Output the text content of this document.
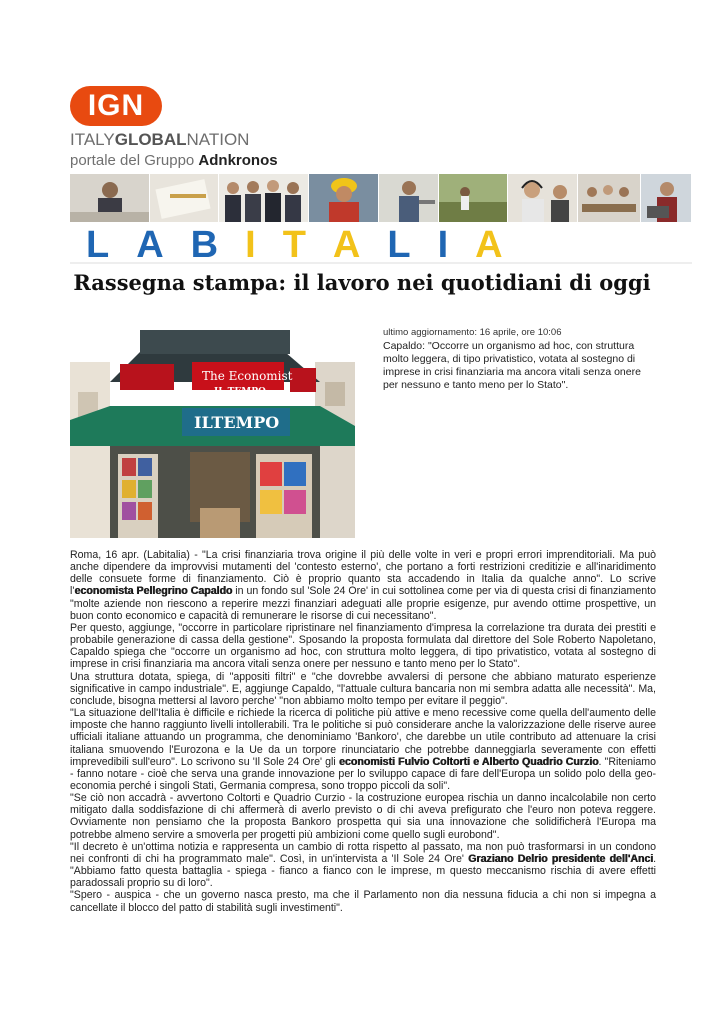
IGN
ITALYGLOBALNATION
portale del Gruppo Adnkronos
LABITALIA
Rassegna stampa: il lavoro nei quotidiani di oggi
The Economist
IL TEMPO
ILTEMPO
ultimo aggiornamento: 16 aprile, ore 10:06
Capaldo: "Occorre un organismo ad hoc, con struttura molto leggera, di tipo privatistico, votata al sostegno di imprese in crisi finanziaria ma ancora vitali senza onere per nessuno e tanto meno per lo Stato".

Roma, 16 apr. (Labitalia) - "La crisi finanziaria trova origine il più delle volte in veri e propri errori imprenditoriali. Ma può anche dipendere da improvvisi mutamenti del 'contesto esterno', che portano a forti restrizioni creditizie e all'inaridimento delle consuete forme di finanziamento. Ciò è proprio quanto sta accadendo in Italia da qualche anno". Lo scrive l'economista Pellegrino Capaldo in un fondo sul 'Sole 24 Ore' in cui sottolinea come per via di questa crisi di finanziamento "molte aziende non riescono a reperire mezzi finanziari adeguati alle proprie esigenze, pur avendo ottime prospettive, un buon conto economico e capacità di remunerare le risorse di cui necessitano".

Per questo, aggiunge, "occorre in particolare ripristinare nel finanziamento d'impresa la correlazione tra durata dei prestiti e probabile generazione di cassa della gestione". Sposando la proposta formulata dal direttore del Sole Roberto Napoletano, Capaldo spiega che "occorre un organismo ad hoc, con struttura molto leggera, di tipo privatistico, votata al sostegno di imprese in crisi finanziaria ma ancora vitali senza onere per nessuno e tanto meno per lo Stato".

Una struttura dotata, spiega, di "appositi filtri" e "che dovrebbe avvalersi di persone che abbiano maturato esperienze significative in campo industriale". E, aggiunge Capaldo, "l'attuale cultura bancaria non mi sembra adatta alle necessità". Ma, conclude, bisogna mettersi al lavoro perche' "non abbiamo molto tempo per evitare il peggio".

"La situazione dell'Italia è difficile e richiede la ricerca di politiche più attive e meno recessive come quella dell'aumento delle imposte che hanno raggiunto livelli intollerabili. Tra le politiche si può considerare anche la valorizzazione delle riserve auree ufficiali italiane attuando un programma, che denominiamo 'Bankoro', che darebbe un utile contributo ad attenuare la crisi italiana smuovendo l'Eurozona e la Ue da un torpore rinunciatario che potrebbe danneggiarla severamente con effetti imprevedibili sull'euro". Lo scrivono su 'Il Sole 24 Ore' gli economisti Fulvio Coltorti e Alberto Quadrio Curzio. "Riteniamo - fanno notare - cioè che serva una grande innovazione per lo sviluppo capace di fare dell'Europa un solido polo della geo-economia perché i singoli Stati, Germania compresa, sono troppo piccoli da soli".

"Se ciò non accadrà - avvertono Coltorti e Quadrio Curzio - la costruzione europea rischia un danno incalcolabile non certo mitigato dalla soddisfazione di chi affermerà di averlo previsto o di chi aveva prefigurato che l'euro non poteva reggere. Ovviamente non pensiamo che la proposta Bankoro prospetta qui sia una innovazione che solidificherà l'Europa ma potrebbe almeno servire a smoverla per progetti più ambizioni come quello sugli eurobond".

"Il decreto è un'ottima notizia e rappresenta un cambio di rotta rispetto al passato, ma non può trasformarsi in un condono nei confronti di chi ha programmato male". Così, in un'intervista a 'Il Sole 24 Ore' Graziano Delrio presidente dell'Anci. "Abbiamo fatto questa battaglia - spiega - fianco a fianco con le imprese, m questo meccanismo rischia di avere effetti paradossali proprio su di loro".

"Spero - auspica - che un governo nasca presto, ma che il Parlamento non dia nessuna fiducia a chi non si impegna a cancellate il blocco del patto di stabilità sugli investimenti".
